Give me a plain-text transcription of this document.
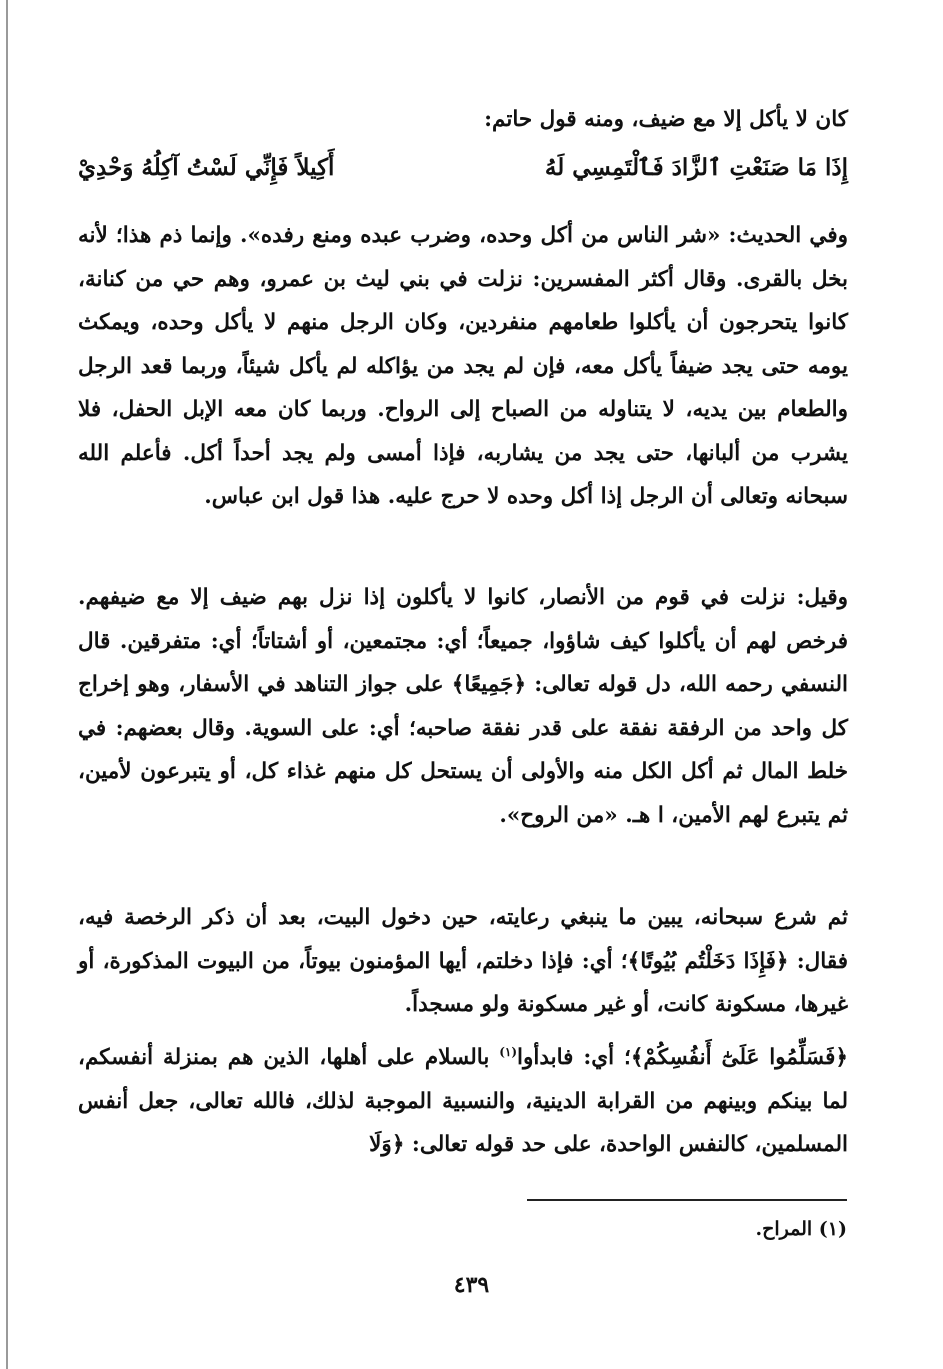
كان لا يأكل إلا مع ضيف، ومنه قول حاتم:

إِذَا مَا صَنَعْتِ ٱلزَّادَ فَٱلْتَمِسِي لَهُ
أَكِيلاً فَإِنِّي لَسْتُ آكِلُهُ وَحْدِيْ

وفي الحديث: «شر الناس من أكل وحده، وضرب عبده ومنع رفده». وإنما ذم هذا؛ لأنه بخل بالقرى. وقال أكثر المفسرين: نزلت في بني ليث بن عمرو، وهم حي من كنانة، كانوا يتحرجون أن يأكلوا طعامهم منفردين، وكان الرجل منهم لا يأكل وحده، ويمكث يومه حتى يجد ضيفاً يأكل معه، فإن لم يجد من يؤاكله لم يأكل شيئاً، وربما قعد الرجل والطعام بين يديه، لا يتناوله من الصباح إلى الرواح. وربما كان معه الإبل الحفل، فلا يشرب من ألبانها، حتى يجد من يشاربه، فإذا أمسى ولم يجد أحداً أكل. فأعلم الله سبحانه وتعالى أن الرجل إذا أكل وحده لا حرج عليه. هذا قول ابن عباس.

وقيل: نزلت في قوم من الأنصار، كانوا لا يأكلون إذا نزل بهم ضيف إلا مع ضيفهم. فرخص لهم أن يأكلوا كيف شاؤوا، جميعاً؛ أي: مجتمعين، أو أشتاتاً؛ أي: متفرقين. قال النسفي رحمه الله، دل قوله تعالى: ﴿جَمِيعًا﴾ على جواز التناهد في الأسفار، وهو إخراج كل واحد من الرفقة نفقة على قدر نفقة صاحبه؛ أي: على السوية. وقال بعضهم: في خلط المال ثم أكل الكل منه والأولى أن يستحل كل منهم غذاء كل، أو يتبرعون لأمين، ثم يتبرع لهم الأمين، ا هـ. «من الروح».

ثم شرع سبحانه، يبين ما ينبغي رعايته، حين دخول البيت، بعد أن ذكر الرخصة فيه، فقال: ﴿فَإِذَا دَخَلْتُم بُيُوتًا﴾؛ أي: فإذا دخلتم، أيها المؤمنون بيوتاً، من البيوت المذكورة، أو غيرها، مسكونة كانت، أو غير مسكونة ولو مسجداً.

﴿فَسَلِّمُوا عَلَىٰٓ أَنفُسِكُمْ﴾؛ أي: فابدأوا$^{(١)}$ بالسلام على أهلها، الذين هم بمنزلة أنفسكم، لما بينكم وبينهم من القرابة الدينية، والنسبية الموجبة لذلك، فالله تعالى، جعل أنفس المسلمين، كالنفس الواحدة، على حد قوله تعالى: ﴿وَلَا

(١) المراح.
٤٣٩
